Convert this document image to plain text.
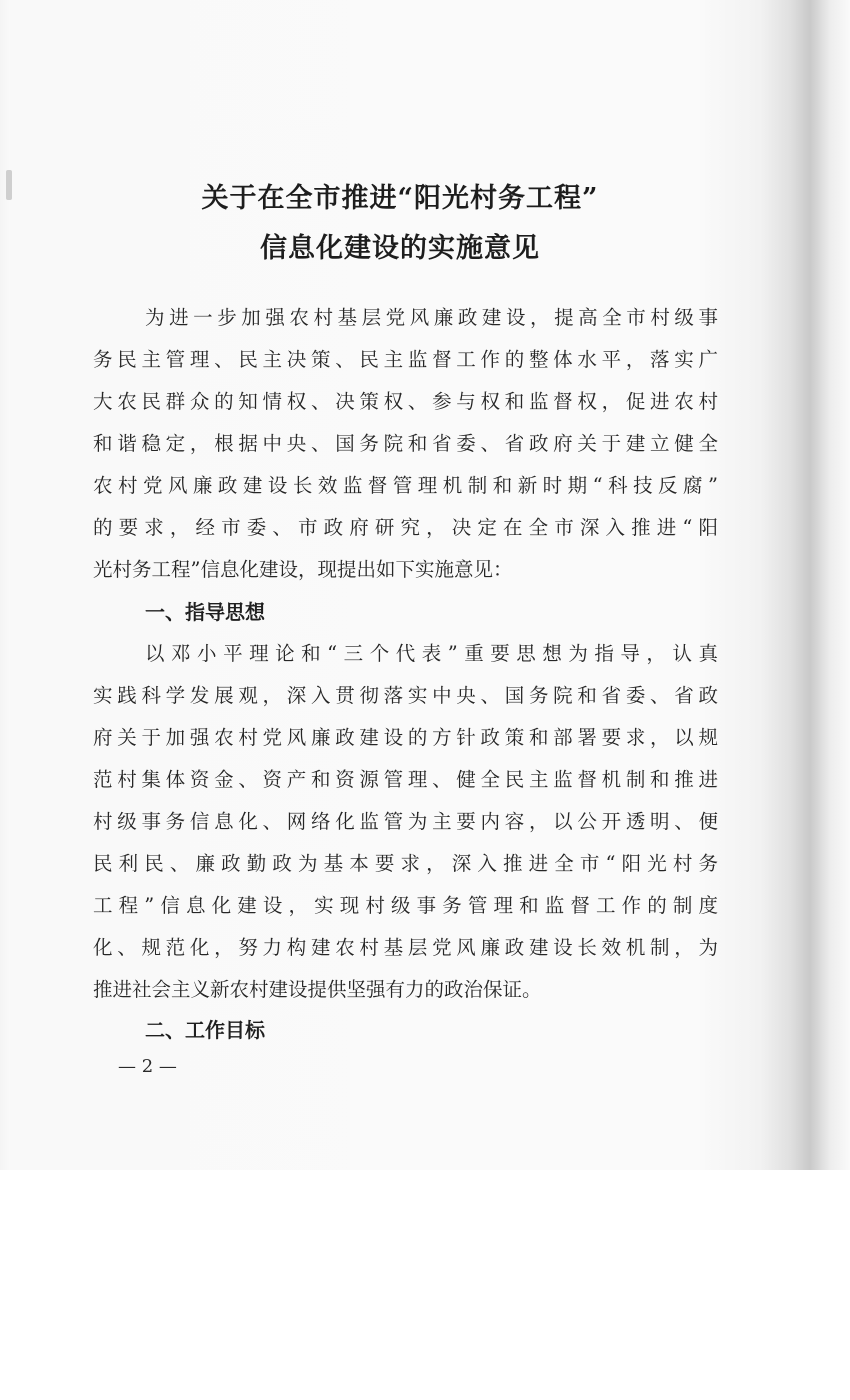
关于在全市推进“阳光村务工程”
信息化建设的实施意见
为进一步加强农村基层党风廉政建设，提高全市村级事
务民主管理、民主决策、民主监督工作的整体水平，落实广
大农民群众的知情权、决策权、参与权和监督权，促进农村
和谐稳定，根据中央、国务院和省委、省政府关于建立健全
农村党风廉政建设长效监督管理机制和新时期“科技反腐”
的要求，经市委、市政府研究，决定在全市深入推进“阳
光村务工程”信息化建设，现提出如下实施意见：
一、指导思想
以邓小平理论和“三个代表”重要思想为指导，认真
实践科学发展观，深入贯彻落实中央、国务院和省委、省政
府关于加强农村党风廉政建设的方针政策和部署要求，以规
范村集体资金、资产和资源管理、健全民主监督机制和推进
村级事务信息化、网络化监管为主要内容，以公开透明、便
民利民、廉政勤政为基本要求，深入推进全市“阳光村务
工程”信息化建设，实现村级事务管理和监督工作的制度
化、规范化，努力构建农村基层党风廉政建设长效机制，为
推进社会主义新农村建设提供坚强有力的政治保证。
二、工作目标
— 2 —
